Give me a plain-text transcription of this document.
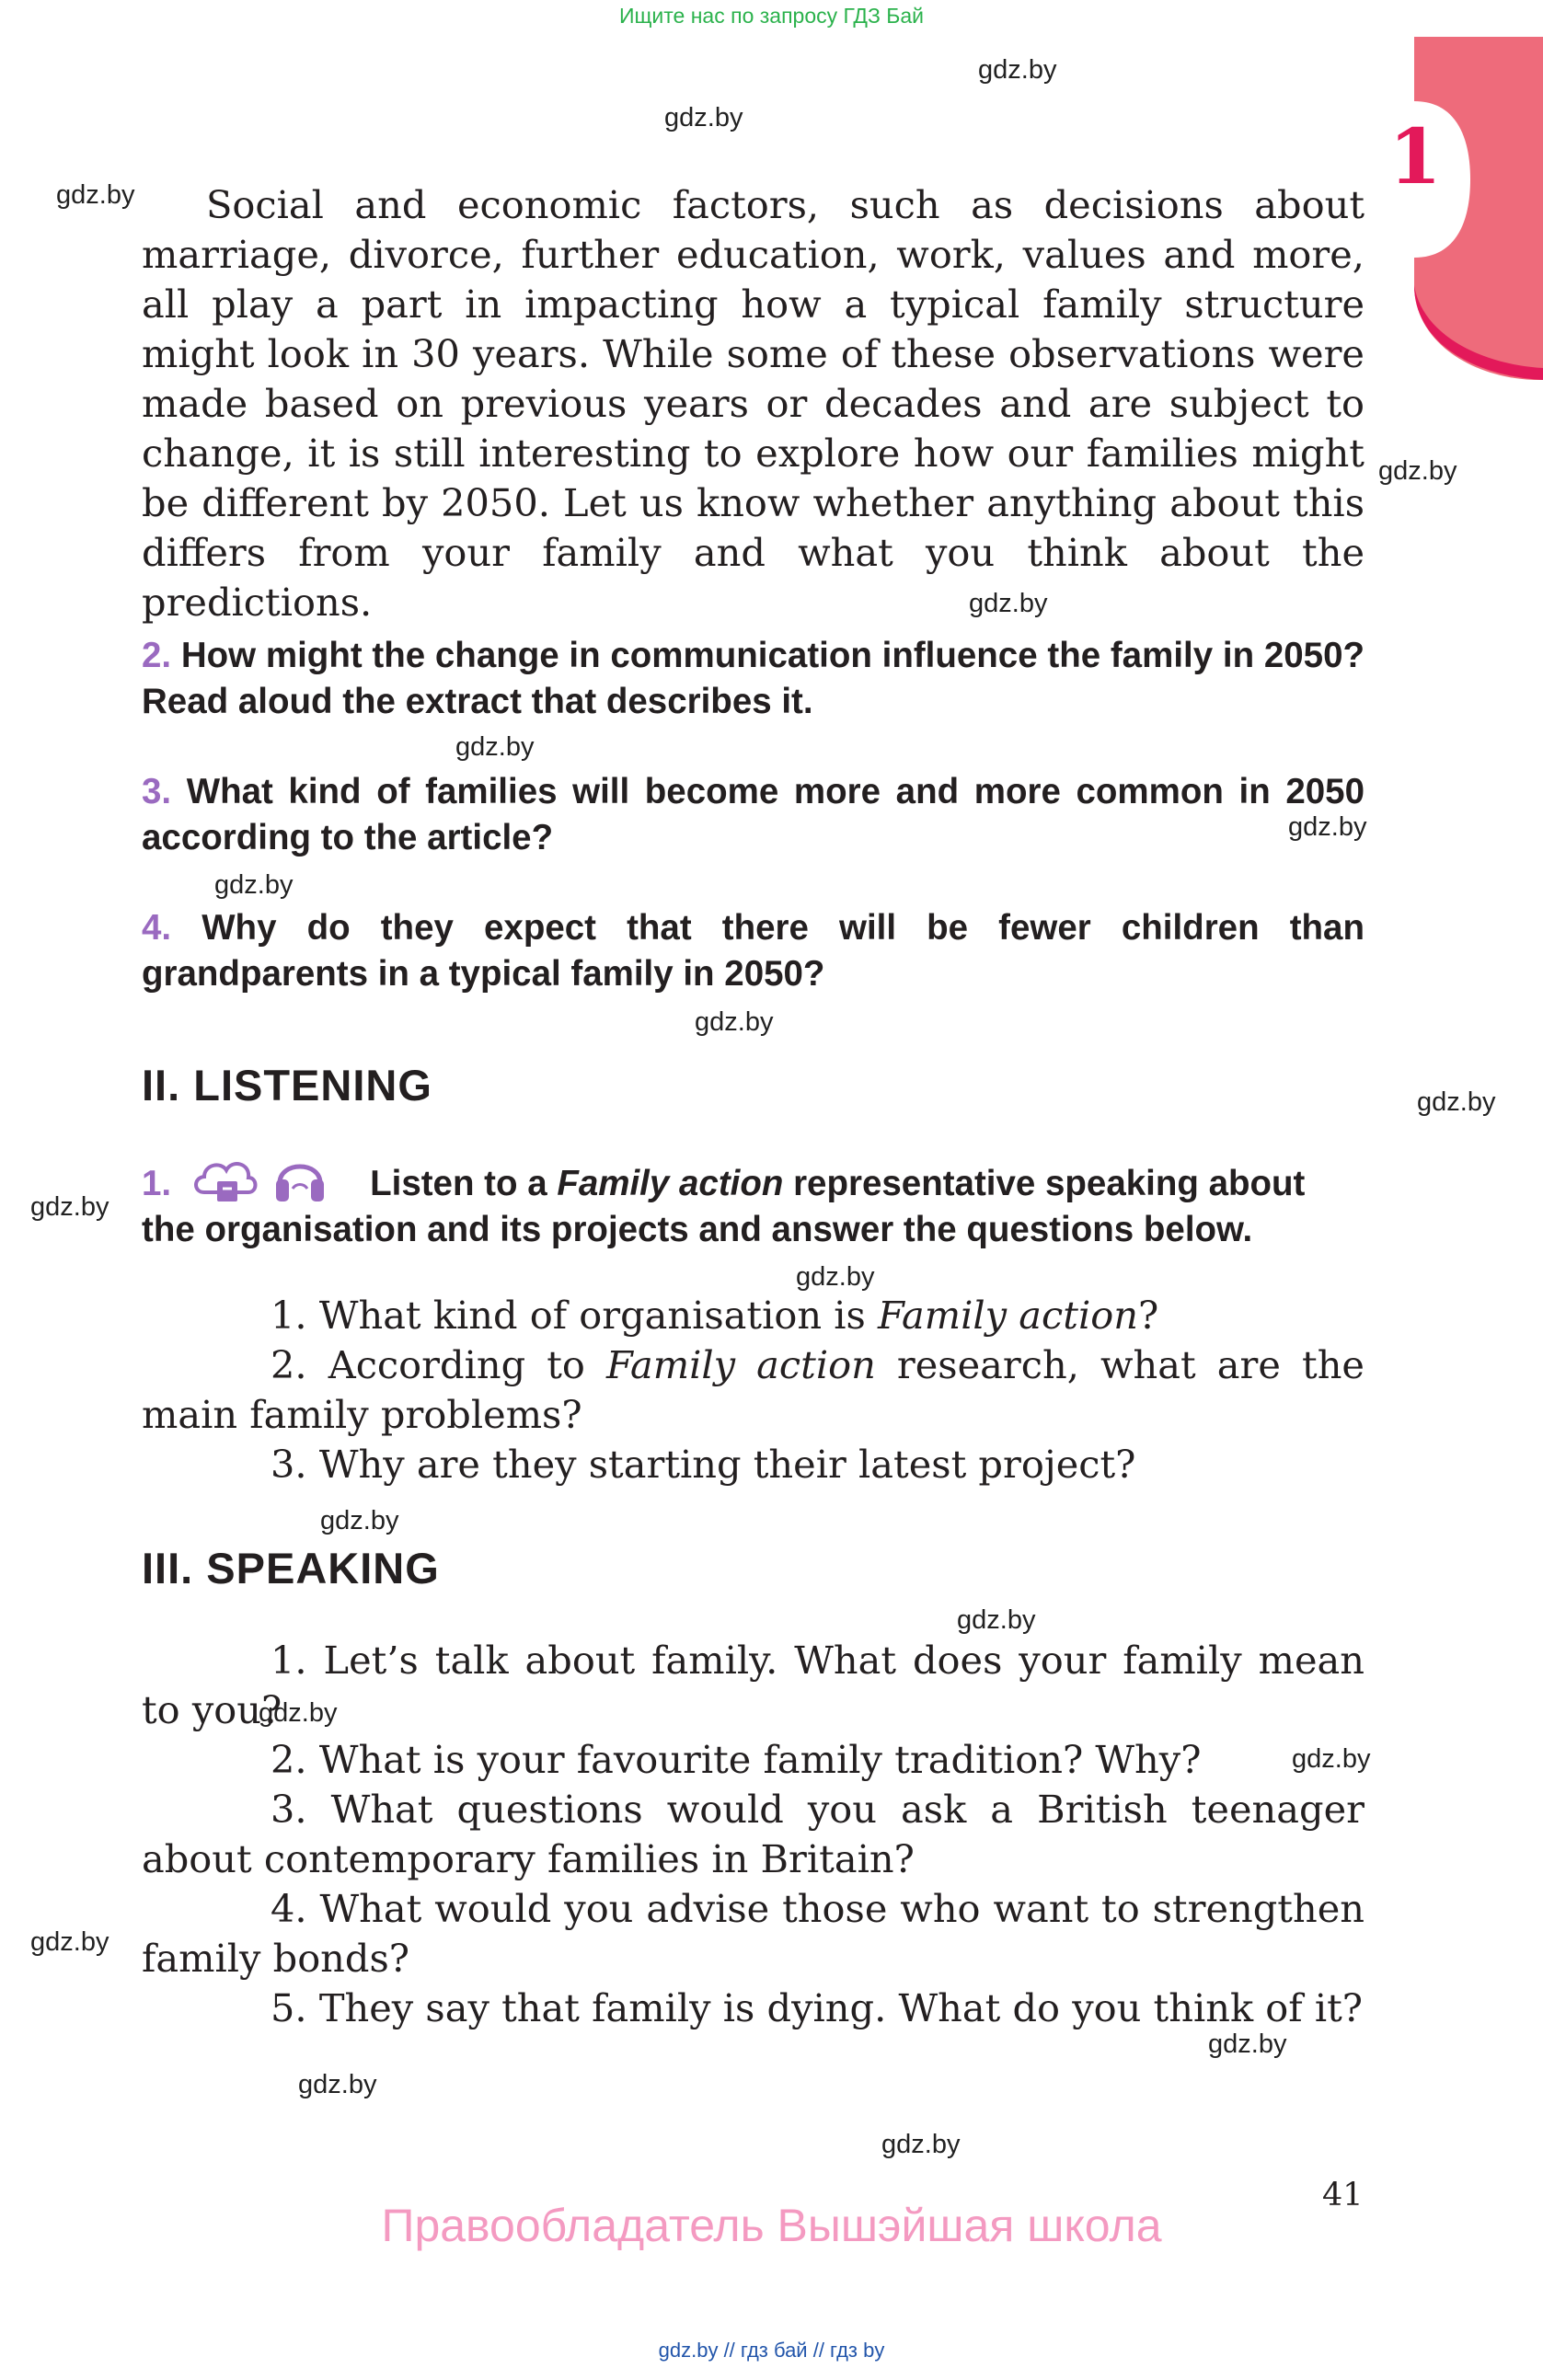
Ищите нас по запросу ГДЗ Бай
1
gdz.by
gdz.by
gdz.by
gdz.by
gdz.by
gdz.by
gdz.by
gdz.by
gdz.by
gdz.by
gdz.by
gdz.by
gdz.by
gdz.by
gdz.by
gdz.by
gdz.by
gdz.by
gdz.by
gdz.by

Social and economic factors, such as decisions about marriage, divorce, further education, work, values and more, all play a part in impacting how a typical family structure might look in 30 years. While some of these observations were made based on previous years or decades and are subject to change, it is still interesting to explore how our families might be different by 2050. Let us know whether anything about this differs from your family and what you think about the predictions.

2. How might the change in communication influence the family in 2050? Read aloud the extract that describes it.
3. What kind of families will become more and more common in 2050 according to the article?
4. Why do they expect that there will be fewer children than grandparents in a typical family in 2050?
II. LISTENING
1.	Listen to a Family action representative speaking about the organisation and its projects and answer the questions below.

1. What kind of organisation is Family action?

2. According to Family action research, what are the main family problems?

3. Why are they starting their latest project?

III. SPEAKING

1. Let’s talk about family. What does your family mean to you?

2. What is your favourite family tradition? Why?

3. What questions would you ask a British teenager about contemporary families in Britain?

4. What would you advise those who want to strengthen family bonds?

5. They say that family is dying. What do you think of it?

41
Правообладатель Вышэйшая школа
gdz.by // гдз бай // гдз by
